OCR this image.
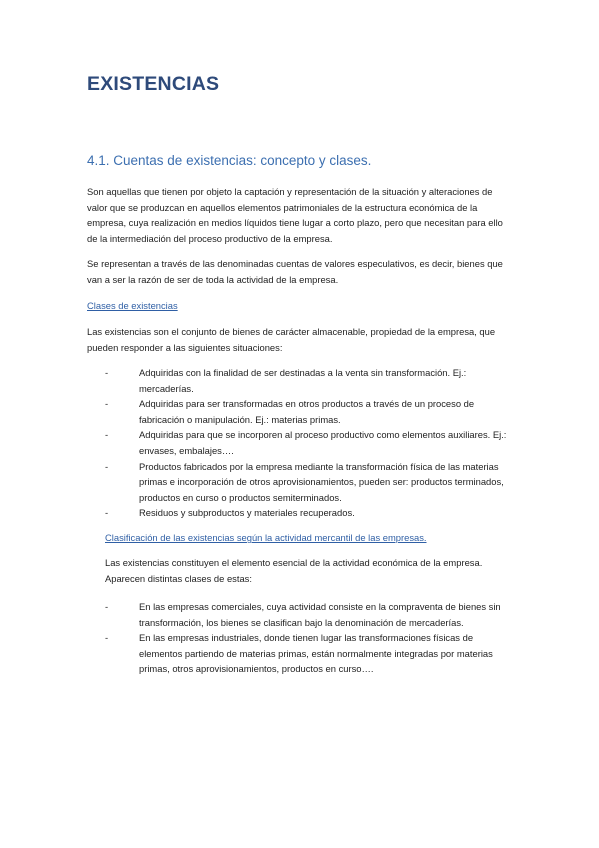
EXISTENCIAS
4.1. Cuentas de existencias: concepto y clases.

Son aquellas que tienen por objeto la captación y representación de la situación y alteraciones de valor que se produzcan en aquellos elementos patrimoniales de la estructura económica de la empresa, cuya realización en medios líquidos tiene lugar a corto plazo, pero que necesitan para ello de la intermediación del proceso productivo de la empresa.

Se representan a través de las denominadas cuentas de valores especulativos, es decir, bienes que van a ser la razón de ser de toda la actividad de la empresa.

Clases de existencias

Las existencias son el conjunto de bienes de carácter almacenable, propiedad de la empresa, que pueden responder a las siguientes situaciones:

-	Adquiridas con la finalidad de ser destinadas a la venta sin transformación. Ej.: mercaderías.
-	Adquiridas para ser transformadas en otros productos a través de un proceso de fabricación o manipulación. Ej.: materias primas.
-	Adquiridas para que se incorporen al proceso productivo como elementos auxiliares. Ej.: envases, embalajes….
-	Productos fabricados por la empresa mediante la transformación física de las materias primas e incorporación de otros aprovisionamientos, pueden ser: productos terminados, productos en curso o productos semiterminados.
-	Residuos y subproductos y materiales recuperados.

Clasificación de las existencias según la actividad mercantil de las empresas.

Las existencias constituyen el elemento esencial de la actividad económica de la empresa. Aparecen distintas clases de estas:

-	En las empresas comerciales, cuya actividad consiste en la compraventa de bienes sin transformación, los bienes se clasifican bajo la denominación de mercaderías.
-	En las empresas industriales, donde tienen lugar las transformaciones físicas de elementos partiendo de materias primas, están normalmente integradas por materias primas, otros aprovisionamientos, productos en curso….
